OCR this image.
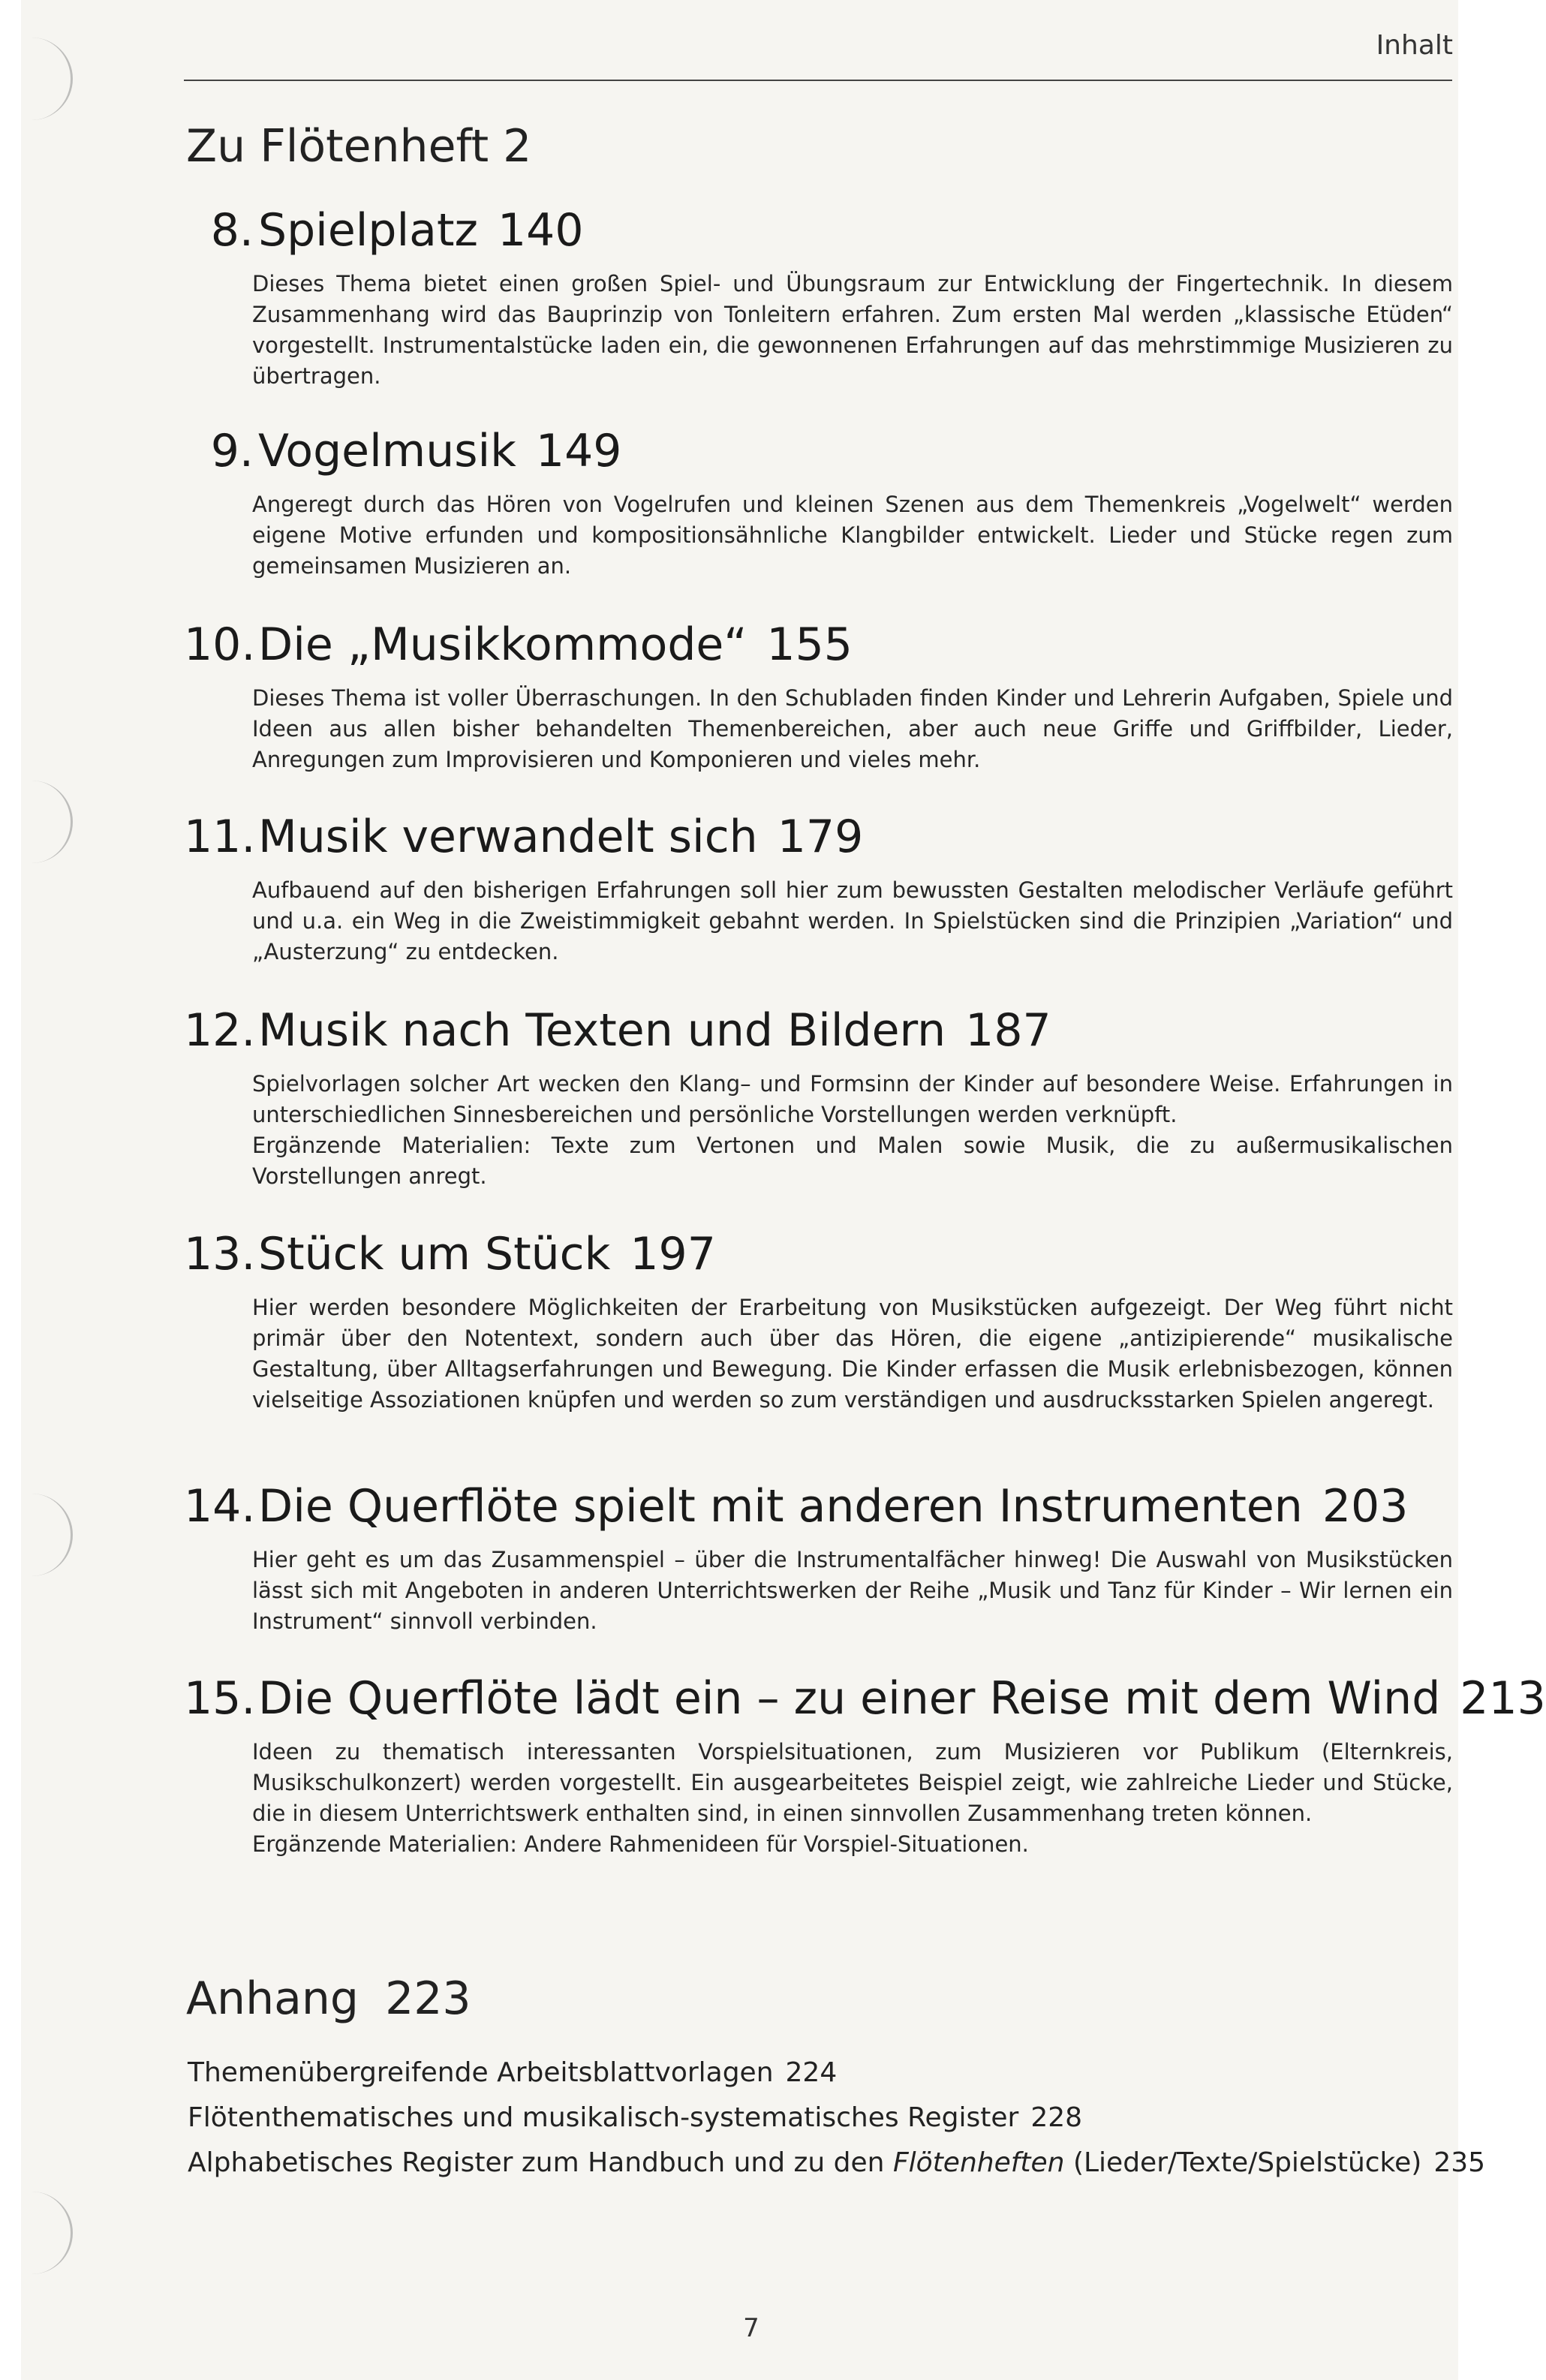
Inhalt
Zu Flötenheft 2
8. Spielplatz 140
Dieses Thema bietet einen großen Spiel- und Übungsraum zur Entwicklung der Fingertechnik. In diesem Zusammenhang wird das Bauprinzip von Tonleitern erfahren. Zum ersten Mal werden „klassische Etüden“ vorgestellt. Instrumentalstücke laden ein, die gewonnenen Erfahrungen auf das mehrstimmige Musizieren zu übertragen.
9. Vogelmusik 149
Angeregt durch das Hören von Vogelrufen und kleinen Szenen aus dem Themenkreis „Vogelwelt“ werden eigene Motive erfunden und kompositionsähnliche Klangbilder entwickelt. Lieder und Stücke regen zum gemeinsamen Musizieren an.
10. Die „Musikkommode“ 155
Dieses Thema ist voller Überraschungen. In den Schubladen finden Kinder und Lehrerin Aufgaben, Spiele und Ideen aus allen bisher behandelten Themenbereichen, aber auch neue Griffe und Griffbilder, Lieder, Anregungen zum Improvisieren und Komponieren und vieles mehr.
11. Musik verwandelt sich 179
Aufbauend auf den bisherigen Erfahrungen soll hier zum bewussten Gestalten melodischer Verläufe geführt und u.a. ein Weg in die Zweistimmigkeit gebahnt werden. In Spielstücken sind die Prinzipien „Variation“ und „Austerzung“ zu entdecken.
12. Musik nach Texten und Bildern 187
Spielvorlagen solcher Art wecken den Klang– und Formsinn der Kinder auf besondere Weise. Erfahrungen in unterschiedlichen Sinnesbereichen und persönliche Vorstellungen werden verknüpft.
Ergänzende Materialien: Texte zum Vertonen und Malen sowie Musik, die zu außermusikalischen Vorstellungen anregt.
13. Stück um Stück 197
Hier werden besondere Möglichkeiten der Erarbeitung von Musikstücken aufgezeigt. Der Weg führt nicht primär über den Notentext, sondern auch über das Hören, die eigene „antizipierende“ musikalische Gestaltung, über Alltagserfahrungen und Bewegung. Die Kinder erfassen die Musik erlebnisbezogen, können vielseitige Assoziationen knüpfen und werden so zum verständigen und ausdrucksstarken Spielen angeregt.
14. Die Querflöte spielt mit anderen Instrumenten 203
Hier geht es um das Zusammenspiel – über die Instrumentalfächer hinweg! Die Auswahl von Musikstücken lässt sich mit Angeboten in anderen Unterrichtswerken der Reihe „Musik und Tanz für Kinder – Wir lernen ein Instrument“ sinnvoll verbinden.
15. Die Querflöte lädt ein – zu einer Reise mit dem Wind 213
Ideen zu thematisch interessanten Vorspielsituationen, zum Musizieren vor Publikum (Elternkreis, Musikschulkonzert) werden vorgestellt. Ein ausgearbeitetes Beispiel zeigt, wie zahlreiche Lieder und Stücke, die in diesem Unterrichtswerk enthalten sind, in einen sinnvollen Zusammenhang treten können.
Ergänzende Materialien: Andere Rahmenideen für Vorspiel-Situationen.
Anhang 223
Themenübergreifende Arbeitsblattvorlagen 224
Flötenthematisches und musikalisch-systematisches Register 228
Alphabetisches Register zum Handbuch und zu den Flötenheften (Lieder/Texte/Spielstücke) 235
7
